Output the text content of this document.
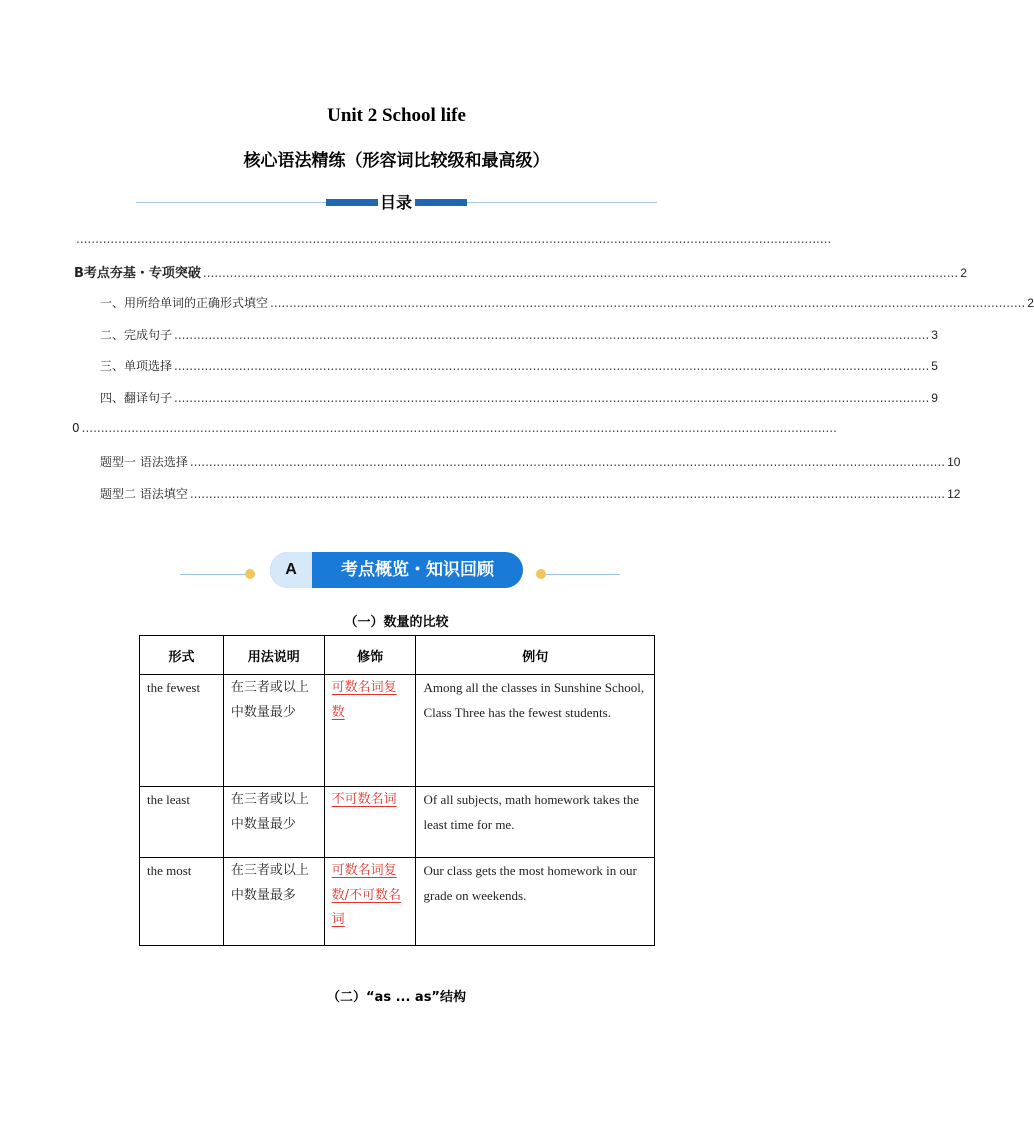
Unit 2 School life
核心语法精练（形容词比较级和最高级）
目录
......................................................................................................................................................................................................
B考点夯基・专项突破 ...................................................................................................................................................................................................... 2
一、用所给单词的正确形式填空 ...................................................................................................................................................................................................... 2
二、完成句子 ...................................................................................................................................................................................................... 3
三、单项选择 ...................................................................................................................................................................................................... 5
四、翻译句子 ...................................................................................................................................................................................................... 9
0 ......................................................................................................................................................................................................
题型一 语法选择 ...................................................................................................................................................................................................... 10
题型二 语法填空 ...................................................................................................................................................................................................... 12
A	考点概览・知识回顾
（一）数量的比较
形式	用法说明	修饰	例句
the fewest	在三者或以上中数量最少	可数名词复数	Among all the classes in Sunshine School, Class Three has the fewest students.
the least	在三者或以上中数量最少	不可数名词	Of all subjects, math homework takes the least time for me.
the most	在三者或以上中数量最多	可数名词复数/不可数名词	Our class gets the most homework in our grade on weekends.
（二）“as ... as”结构
